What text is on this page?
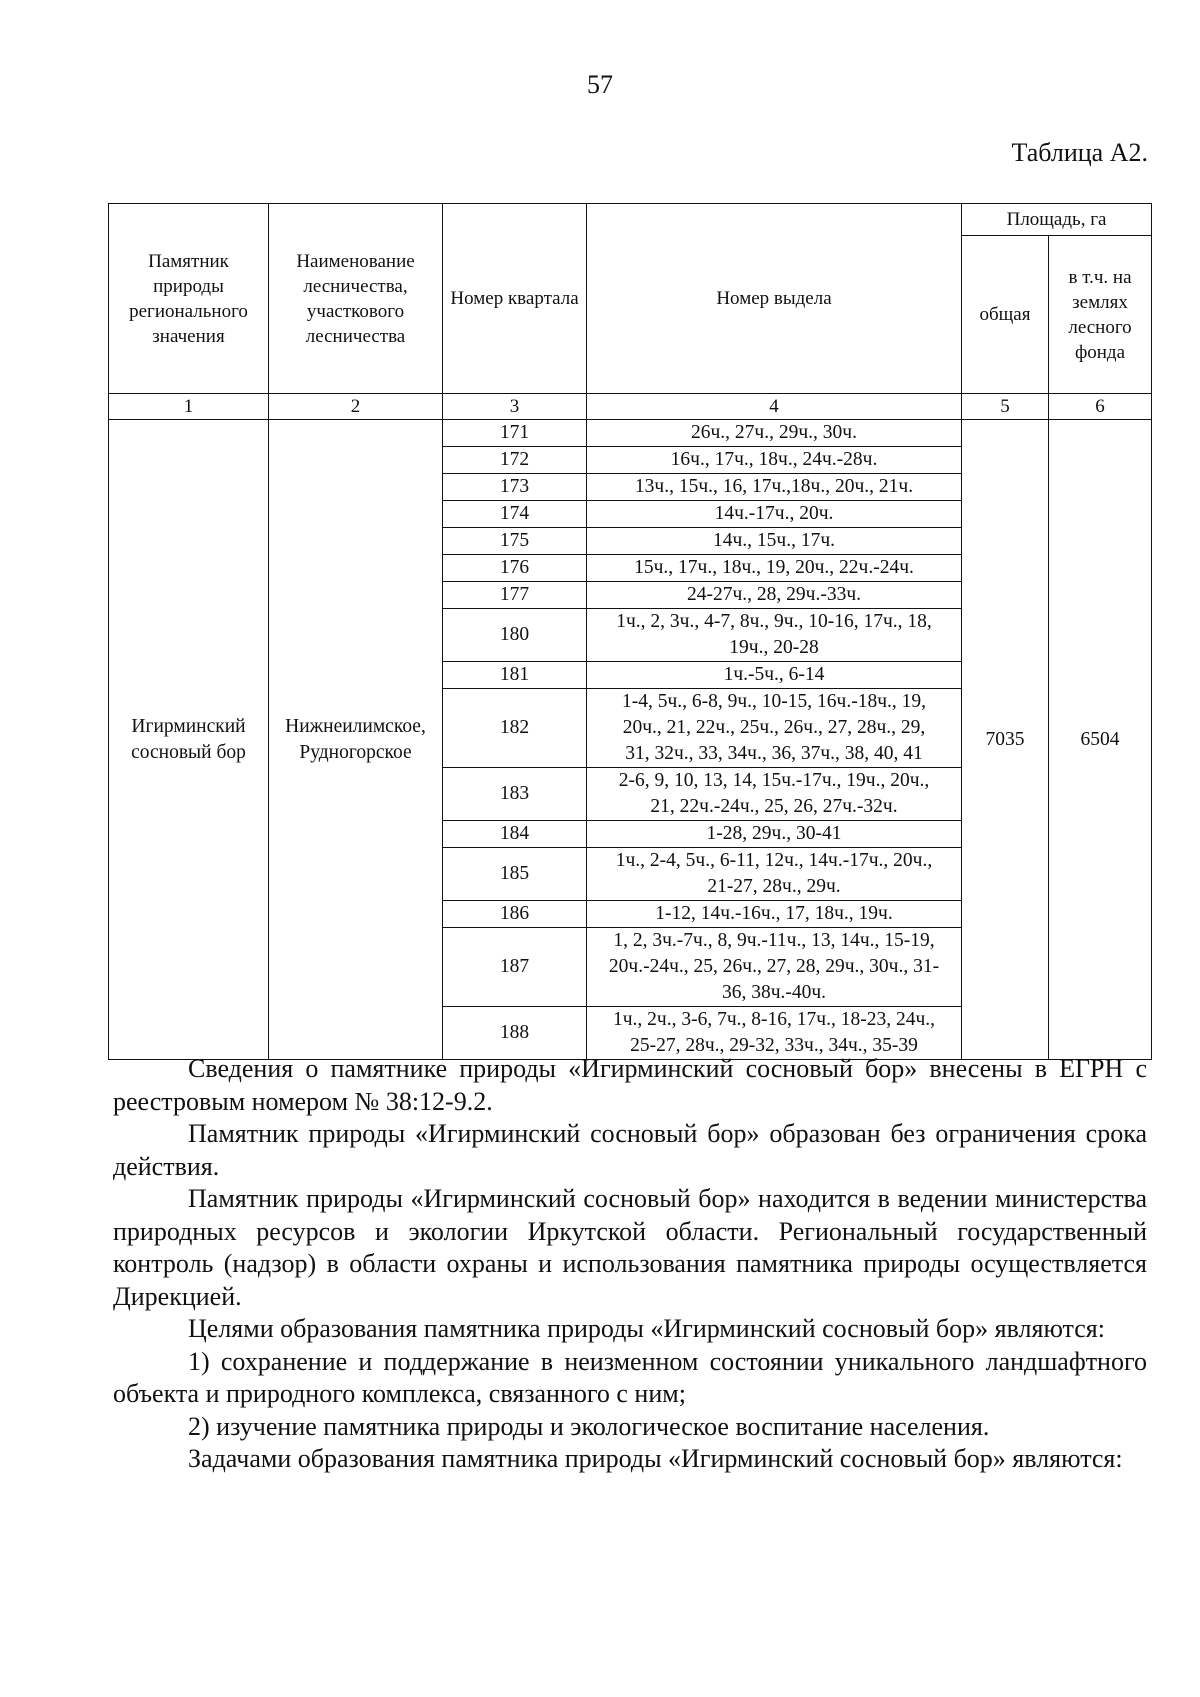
57
Таблица А2.
Памятник природы регионального значения	Наименование лесничества, участкового лесничества	Номер квартала	Номер выдела	Площадь, га	
				общая	в т.ч. на землях лесного фонда
1	2	3	4	5	6
Игирминский сосновый бор	Нижнеилимское, Рудногорское	171	26ч., 27ч., 29ч., 30ч.	7035	6504
		172	16ч., 17ч., 18ч., 24ч.-28ч.		

		173	13ч., 15ч., 16, 17ч.,18ч., 20ч., 21ч.		

		174	14ч.-17ч., 20ч.		

		175	14ч., 15ч., 17ч.		

		176	15ч., 17ч., 18ч., 19, 20ч., 22ч.-24ч.		

		177	24-27ч., 28, 29ч.-33ч.		

		180	1ч., 2, 3ч., 4-7, 8ч., 9ч., 10-16, 17ч., 18,
19ч., 20-28		

		181	1ч.-5ч., 6-14		

		182	1-4, 5ч., 6-8, 9ч., 10-15, 16ч.-18ч., 19,
20ч., 21, 22ч., 25ч., 26ч., 27, 28ч., 29,
31, 32ч., 33, 34ч., 36, 37ч., 38, 40, 41		

		183	2-6, 9, 10, 13, 14, 15ч.-17ч., 19ч., 20ч.,
21, 22ч.-24ч., 25, 26, 27ч.-32ч.		

		184	1-28, 29ч., 30-41		

		185	1ч., 2-4, 5ч., 6-11, 12ч., 14ч.-17ч., 20ч.,
21-27, 28ч., 29ч.		

		186	1-12, 14ч.-16ч., 17, 18ч., 19ч.		

		187	1, 2, 3ч.-7ч., 8, 9ч.-11ч., 13, 14ч., 15-19,
20ч.-24ч., 25, 26ч., 27, 28, 29ч., 30ч., 31-
36, 38ч.-40ч.		

		188	1ч., 2ч., 3-6, 7ч., 8-16, 17ч., 18-23, 24ч.,
25-27, 28ч., 29-32, 33ч., 34ч., 35-39		

Сведения о памятнике природы «Игирминский сосновый бор» внесены в ЕГРН с реестровым номером № 38:12-9.2.

Памятник природы «Игирминский сосновый бор» образован без ограничения срока действия.

Памятник природы «Игирминский сосновый бор» находится в ведении министерства природных ресурсов и экологии Иркутской области. Региональный государственный контроль (надзор) в области охраны и использования памятника природы осуществляется Дирекцией.

Целями образования памятника природы «Игирминский сосновый бор» являются:

1) сохранение и поддержание в неизменном состоянии уникального ландшафтного объекта и природного комплекса, связанного с ним;

2) изучение памятника природы и экологическое воспитание населения.

Задачами образования памятника природы «Игирминский сосновый бор» являются:
